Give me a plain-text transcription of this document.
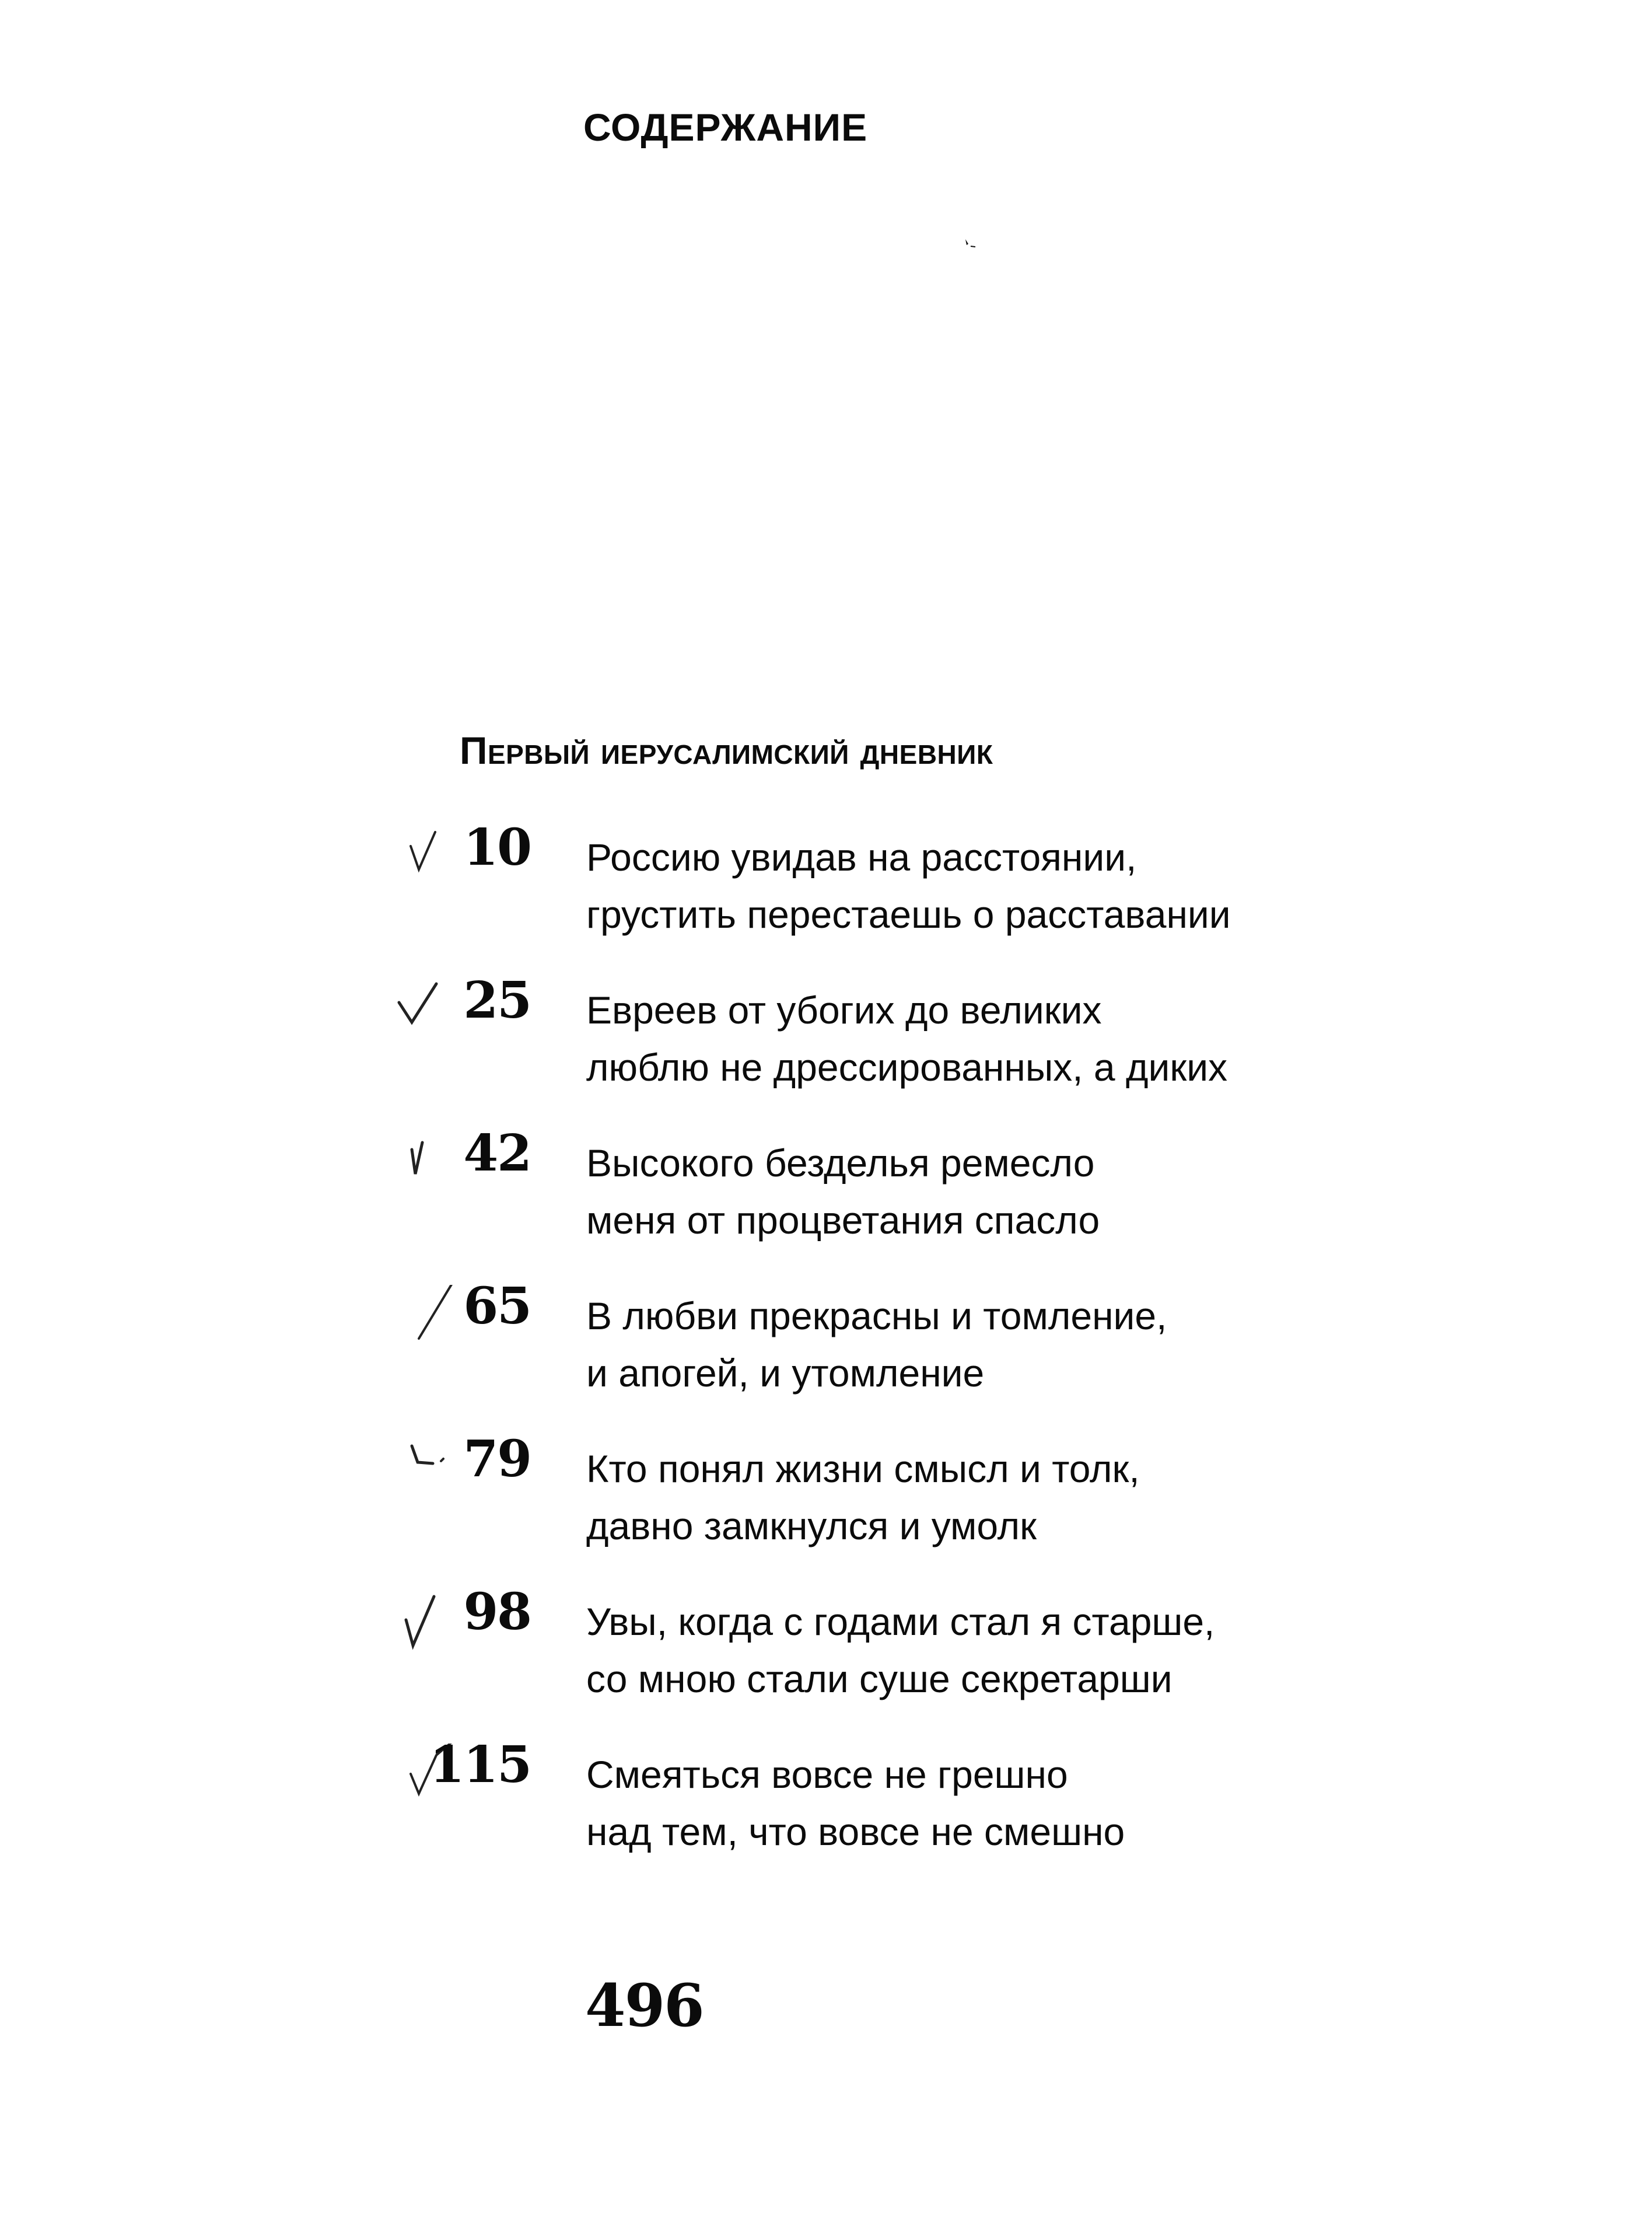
СОДЕРЖАНИЕ
Первый иерусалимский дневник
10 Россию увидав на расстоянии,
грустить перестаешь о расставании
25 Евреев от убогих до великих
люблю не дрессированных, а диких
42 Высокого безделья ремесло
меня от процветания спасло
65 В любви прекрасны и томление,
и апогей, и утомление
79 Кто понял жизни смысл и толк,
давно замкнулся и умолк
98 Увы, когда с годами стал я старше,
со мною стали суше секретарши
115 Смеяться вовсе не грешно
над тем, что вовсе не смешно
496
